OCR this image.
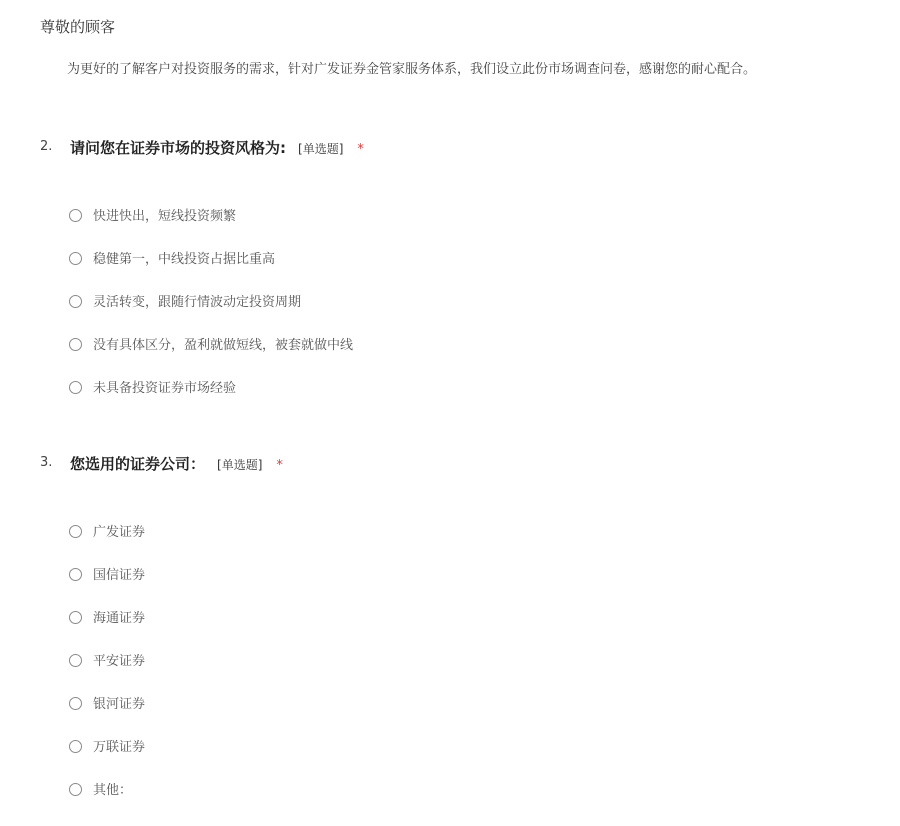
尊敬的顾客
为更好的了解客户对投资服务的需求，针对广发证券金管家服务体系，我们设立此份市场调查问卷，感谢您的耐心配合。
2. 请问您在证券市场的投资风格为: [单选题] *
快进快出，短线投资频繁
稳健第一，中线投资占据比重高
灵活转变，跟随行情波动定投资周期
没有具体区分，盈利就做短线，被套就做中线
未具备投资证券市场经验
3. 您选用的证券公司： [单选题] *
广发证券
国信证券
海通证券
平安证券
银河证券
万联证券
其他：
